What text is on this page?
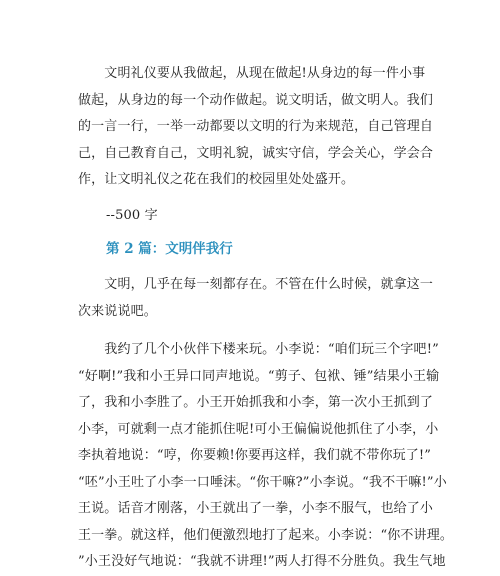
　　文明礼仪要从我做起，从现在做起!从身边的每一件小事
做起，从身边的每一个动作做起。说文明话，做文明人。我们
的一言一行，一举一动都要以文明的行为来规范，自己管理自
己，自己教育自己，文明礼貌，诚实守信，学会关心，学会合
作，让文明礼仪之花在我们的校园里处处盛开。

--500 字

第 2 篇：文明伴我行

　　文明，几乎在每一刻都存在。不管在什么时候，就拿这一
次来说说吧。

　　我约了几个小伙伴下楼来玩。小李说：“咱们玩三个字吧!”
“好啊!”我和小王异口同声地说。“剪子、包袱、锤”结果小王输
了，我和小李胜了。小王开始抓我和小李，第一次小王抓到了
小李，可就剩一点才能抓住呢!可小王偏偏说他抓住了小李，小
李执着地说：“哼，你要赖!你要再这样，我们就不带你玩了!”
“呸”小王吐了小李一口唾沫。“你干嘛?”小李说。“我不干嘛!”小
王说。话音才刚落，小王就出了一拳，小李不服气，也给了小
王一拳。就这样，他们便激烈地打了起来。小李说：“你不讲理。
”小王没好气地说：“我就不讲理!”两人打得不分胜负。我生气地
